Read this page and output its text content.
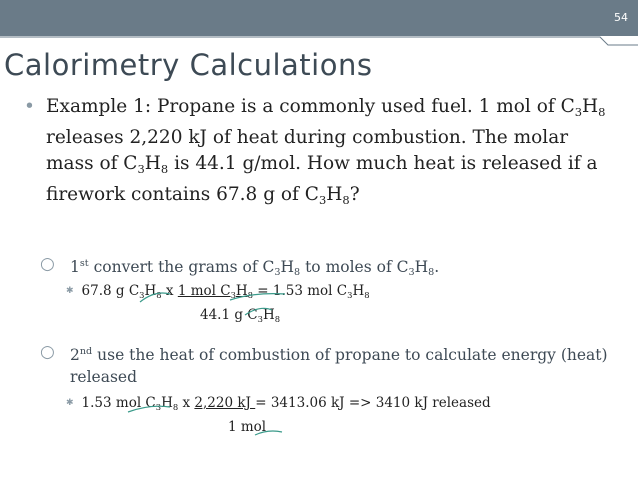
54
Calorimetry Calculations
• Example 1: Propane is a commonly used fuel. 1 mol of $C_3H_8$ releases 2,220 kJ of heat during combustion. The molar mass of $C_3H_8$ is 44.1 g/mol. How much heat is released if a firework contains 67.8 g of $C_3H_8$?
○ 1st convert the grams of $C_3H_8$ to moles of $C_3H_8$.
✱ 67.8 g $C_3H_8$ x 1 mol $C_3H_8 = 1.53$ mol $C_3H_8$
44.1 g $C_3H_8$
○ 2nd use the heat of combustion of propane to calculate energy (heat) released
✱ 1.53 mol $C_3H_8$ x 2,220 kJ = 3413.06 kJ => 3410 kJ released
1 mol
